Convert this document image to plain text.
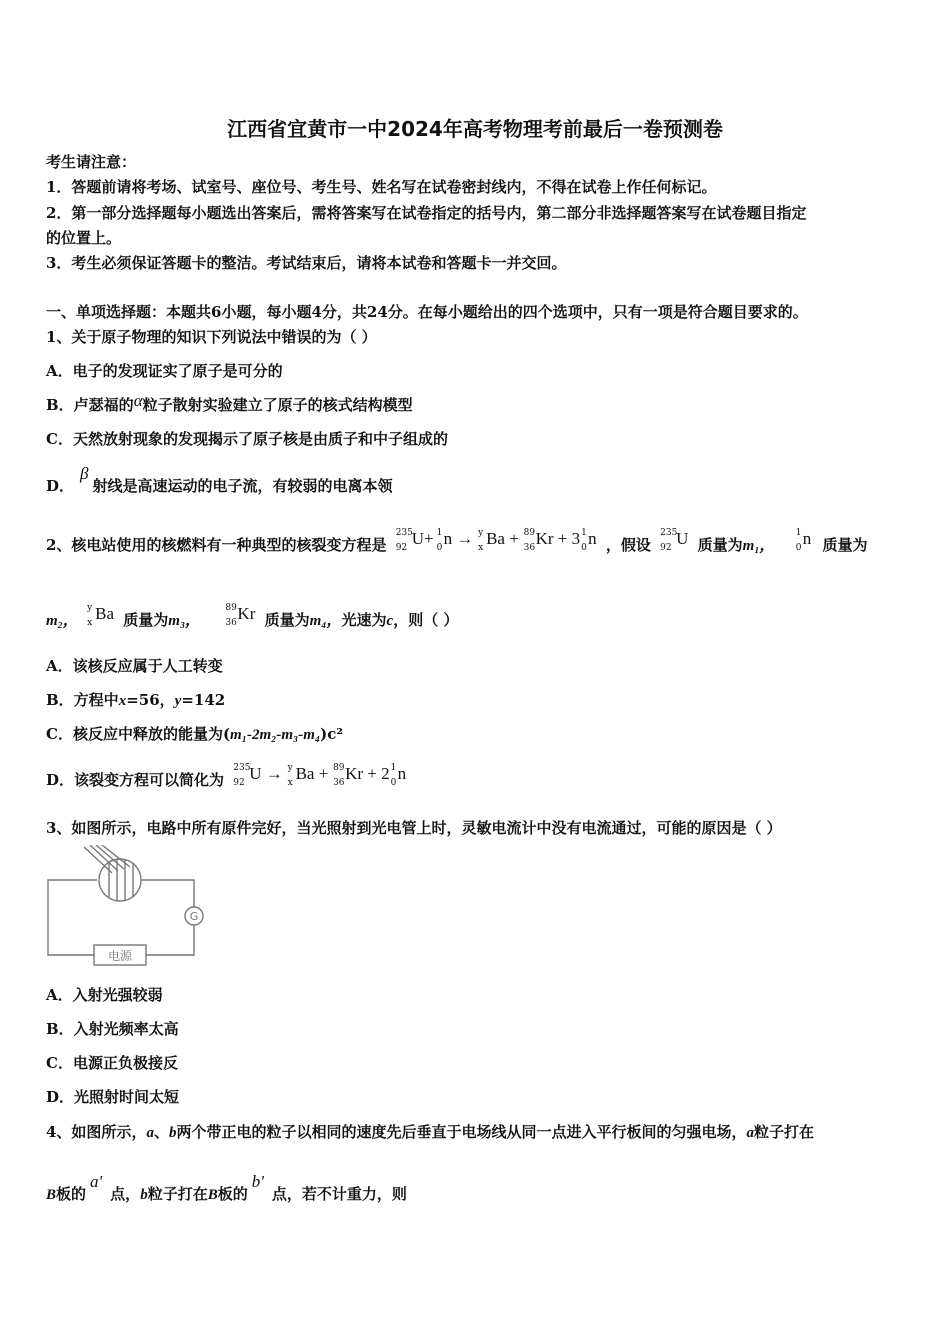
江西省宜黄市一中2024年高考物理考前最后一卷预测卷
考生请注意：
1．答题前请将考场、试室号、座位号、考生号、姓名写在试卷密封线内，不得在试卷上作任何标记。
2．第一部分选择题每小题选出答案后，需将答案写在试卷指定的括号内，第二部分非选择题答案写在试卷题目指定
的位置上。
3．考生必须保证答题卡的整洁。考试结束后，请将本试卷和答题卡一并交回。
一、单项选择题：本题共6小题，每小题4分，共24分。在每小题给出的四个选项中，只有一项是符合题目要求的。
1、关于原子物理的知识下列说法中错误的为（ ）
A．电子的发现证实了原子是可分的
B．卢瑟福的α粒子散射实验建立了原子的核式结构模型
C．天然放射现象的发现揭示了原子核是由质子和中子组成的
D．β射线是高速运动的电子流，有较弱的电离本领
2、核电站使用的核燃料有一种典型的核裂变方程是
235
92 U+ 1
0 n → y
x Ba + 89
36 Kr + 3 1
0 n ，假设
235
92 U 质量为m₁，
1
0 n 质量为
m₂，
y
x Ba 质量为m₃，
89
36 Kr 质量为m₄，光速为c，则（ ）
A．该核反应属于人工转变
B．方程中x=56，y=142
C．核反应中释放的能量为(m₁-2m₂-m₃-m₄)c²
D．该裂变方程可以简化为
235
92 U → y
x Ba + 89
36 Kr + 2 1
0 n
3、如图所示，电路中所有原件完好，当光照射到光电管上时，灵敏电流计中没有电流通过，可能的原因是（ ）
G
电源
A．入射光强较弱
B．入射光频率太高
C．电源正负极接反
D．光照射时间太短
4、如图所示，a、b两个带正电的粒子以相同的速度先后垂直于电场线从同一点进入平行板间的匀强电场，a粒子打在
B板的a'点，b粒子打在B板的b'点，若不计重力，则
